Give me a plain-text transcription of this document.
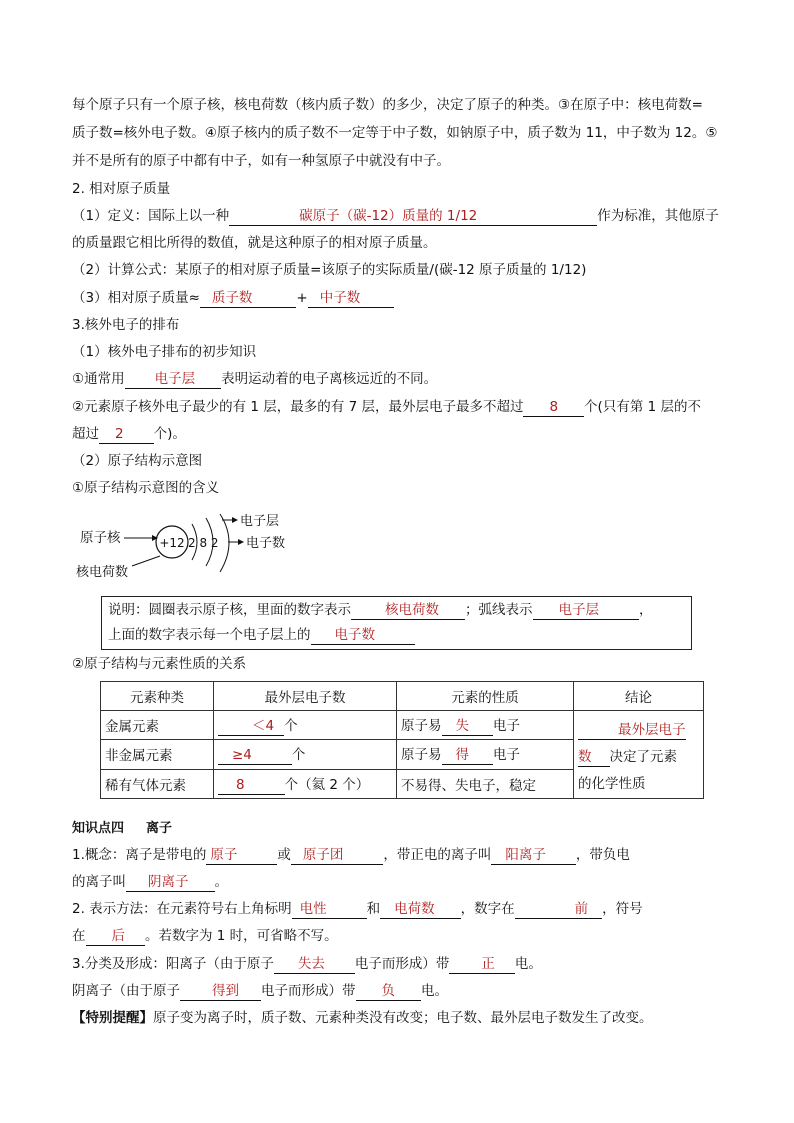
每个原子只有一个原子核，核电荷数（核内质子数）的多少，决定了原子的种类。③在原子中：核电荷数=
质子数=核外电子数。④原子核内的质子数不一定等于中子数，如钠原子中，质子数为 11，中子数为 12。⑤
并不是所有的原子中都有中子，如有一种氢原子中就没有中子。
2. 相对原子质量
（1）定义：国际上以一种	碳原子（碳-12）质量的 1/12	作为标准，其他原子
的质量跟它相比所得的数值，就是这种原子的相对原子质量。
（2）计算公式：某原子的相对原子质量=该原子的实际质量/(碳-12 原子质量的 1/12)
（3）相对原子质量≈ 质子数	+ 中子数
3.核外电子的排布
（1）核外电子排布的初步知识
①通常用 电子层 表明运动着的电子离核远近的不同。
②元素原子核外电子最少的有 1 层，最多的有 7 层，最外层电子最多不超过 8 个(只有第 1 层的不
超过 2 个)。
（2）原子结构示意图
①原子结构示意图的含义
原子核	+12 2 8 2
电子层
电子数
核电荷数
说明：圆圈表示原子核，里面的数字表示	核电荷数 ；弧线表示 电子层	，
上面的数字表示每一个电子层上的 电子数
②原子结构与元素性质的关系
元素种类	最外层电子数	元素的性质	结论
金属元素	＜4 个	原子易 失 电子	最外层电子
数 决定了元素
的化学性质
非金属元素	≥4 个	原子易 得 电子	
稀有气体元素	8 个（氦 2 个）	不易得、失电子，稳定	
知识点四 离子
1.概念：离子是带电的 原子	或 原子团	，带正电的离子叫 阳离子 ，带负电
的离子叫 阴离子 。
2. 表示方法：在元素符号右上角标明 电性	和 电荷数 ，数字在	前 ，符号
在 后 。若数字为 1 时，可省略不写。
3.分类及形成：阳离子（由于原子 失去 电子而形成）带 正 电。
阴离子（由于原子 得到 电子而形成）带 负 电。
【特别提醒】原子变为离子时，质子数、元素种类没有改变；电子数、最外层电子数发生了改变。
